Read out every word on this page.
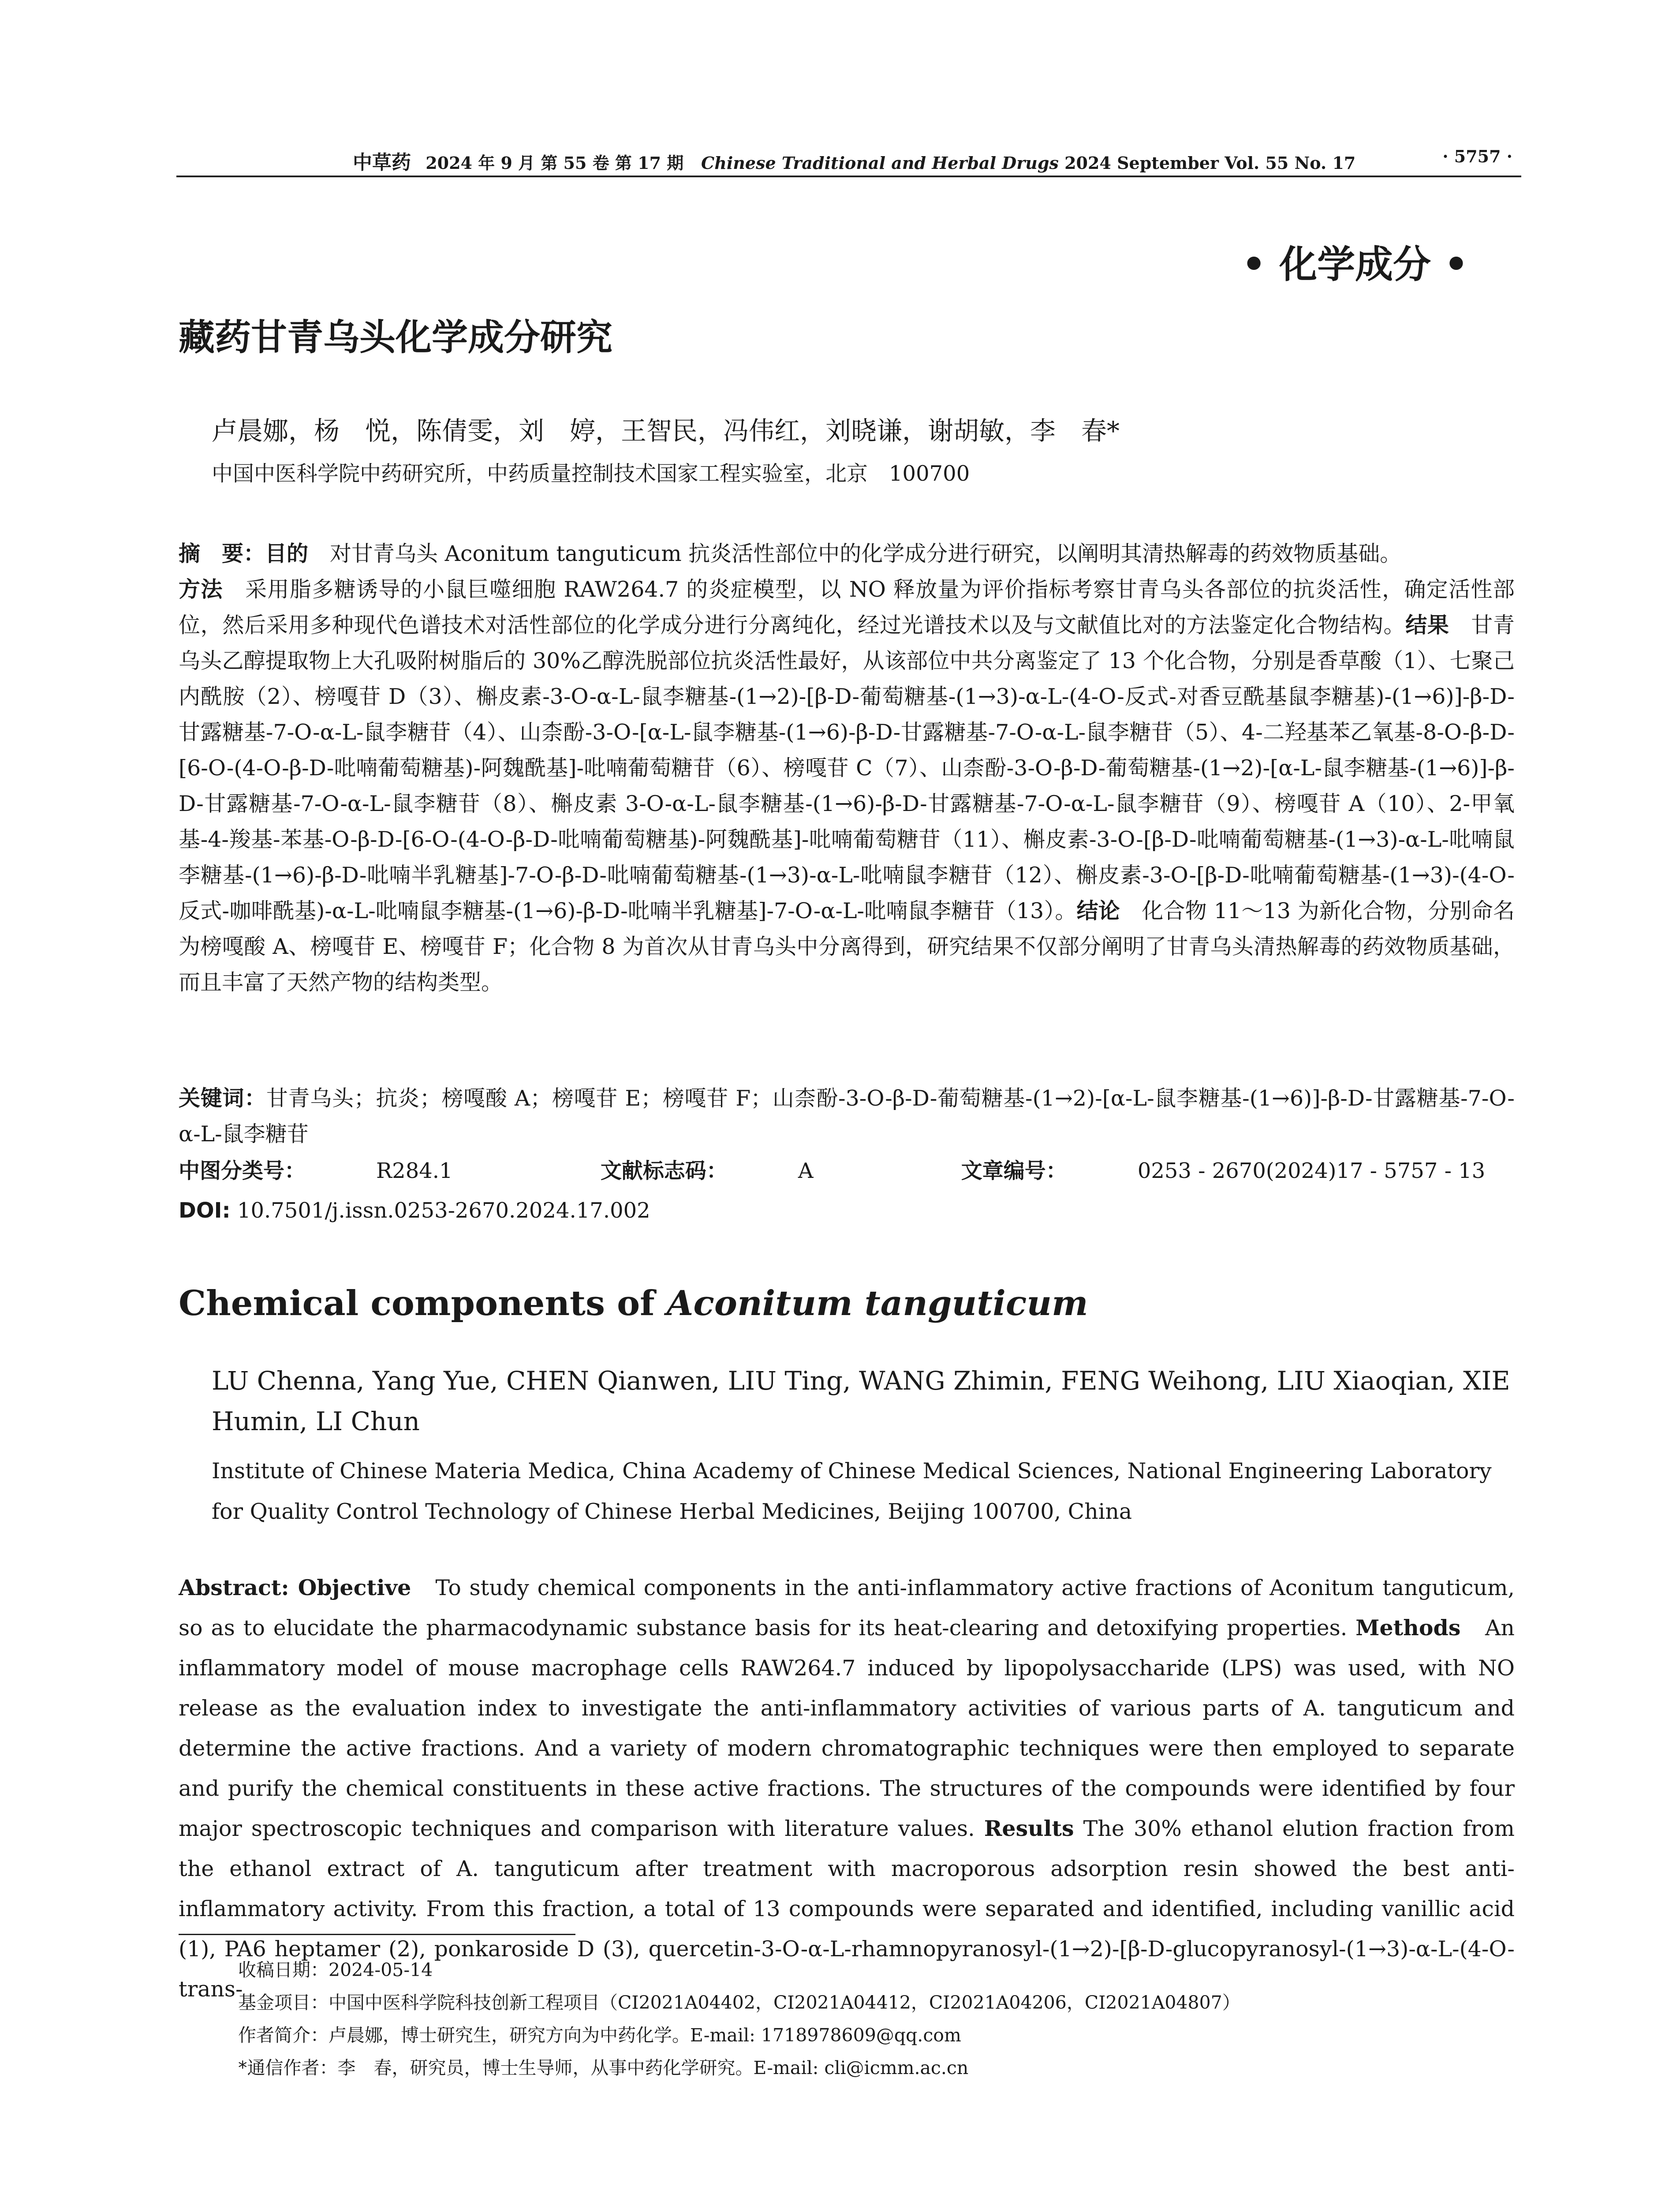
中草药 2024 年 9 月 第 55 卷 第 17 期 Chinese Traditional and Herbal Drugs 2024 September Vol. 55 No. 17	· 5757 ·
• 化学成分 •
藏药甘青乌头化学成分研究
卢晨娜，杨　悦，陈倩雯，刘　婷，王智民，冯伟红，刘晓谦，谢胡敏，李　春*
中国中医科学院中药研究所，中药质量控制技术国家工程实验室，北京　100700
摘　要：目的　对甘青乌头 Aconitum tanguticum 抗炎活性部位中的化学成分进行研究，以阐明其清热解毒的药效物质基础。
方法　采用脂多糖诱导的小鼠巨噬细胞 RAW264.7 的炎症模型，以 NO 释放量为评价指标考察甘青乌头各部位的抗炎活性，确定活性部位，然后采用多种现代色谱技术对活性部位的化学成分进行分离纯化，经过光谱技术以及与文献值比对的方法鉴定化合物结构。结果　甘青乌头乙醇提取物上大孔吸附树脂后的 30%乙醇洗脱部位抗炎活性最好，从该部位中共分离鉴定了 13 个化合物，分别是香草酸（1）、七聚己内酰胺（2）、榜嘎苷 D（3）、槲皮素-3-O-α-L-鼠李糖基-(1→2)-[β-D-葡萄糖基-(1→3)-α-L-(4-O-反式-对香豆酰基鼠李糖基)-(1→6)]-β-D-甘露糖基-7-O-α-L-鼠李糖苷（4）、山柰酚-3-O-[α-L-鼠李糖基-(1→6)-β-D-甘露糖基-7-O-α-L-鼠李糖苷（5）、4-二羟基苯乙氧基-8-O-β-D-[6-O-(4-O-β-D-吡喃葡萄糖基)-阿魏酰基]-吡喃葡萄糖苷（6）、榜嘎苷 C（7）、山柰酚-3-O-β-D-葡萄糖基-(1→2)-[α-L-鼠李糖基-(1→6)]-β-D-甘露糖基-7-O-α-L-鼠李糖苷（8）、槲皮素 3-O-α-L-鼠李糖基-(1→6)-β-D-甘露糖基-7-O-α-L-鼠李糖苷（9）、榜嘎苷 A（10）、2-甲氧基-4-羧基-苯基-O-β-D-[6-O-(4-O-β-D-吡喃葡萄糖基)-阿魏酰基]-吡喃葡萄糖苷（11）、槲皮素-3-O-[β-D-吡喃葡萄糖基-(1→3)-α-L-吡喃鼠李糖基-(1→6)-β-D-吡喃半乳糖基]-7-O-β-D-吡喃葡萄糖基-(1→3)-α-L-吡喃鼠李糖苷（12）、槲皮素-3-O-[β-D-吡喃葡萄糖基-(1→3)-(4-O-反式-咖啡酰基)-α-L-吡喃鼠李糖基-(1→6)-β-D-吡喃半乳糖基]-7-O-α-L-吡喃鼠李糖苷（13）。结论　化合物 11～13 为新化合物，分别命名为榜嘎酸 A、榜嘎苷 E、榜嘎苷 F；化合物 8 为首次从甘青乌头中分离得到，研究结果不仅部分阐明了甘青乌头清热解毒的药效物质基础，而且丰富了天然产物的结构类型。
关键词：甘青乌头；抗炎；榜嘎酸 A；榜嘎苷 E；榜嘎苷 F；山柰酚-3-O-β-D-葡萄糖基-(1→2)-[α-L-鼠李糖基-(1→6)]-β-D-甘露糖基-7-O-α-L-鼠李糖苷
中图分类号：	R284.1	文献标志码：	A	文章编号：	0253 - 2670(2024)17 - 5757 - 13
DOI: 10.7501/j.issn.0253-2670.2024.17.002
Chemical components of Aconitum tanguticum
LU Chenna, Yang Yue, CHEN Qianwen, LIU Ting, WANG Zhimin, FENG Weihong, LIU Xiaoqian, XIE Humin, LI Chun
Institute of Chinese Materia Medica, China Academy of Chinese Medical Sciences, National Engineering Laboratory for Quality Control Technology of Chinese Herbal Medicines, Beijing 100700, China
Abstract: Objective　To study chemical components in the anti-inflammatory active fractions of Aconitum tanguticum, so as to elucidate the pharmacodynamic substance basis for its heat-clearing and detoxifying properties. Methods　An inflammatory model of mouse macrophage cells RAW264.7 induced by lipopolysaccharide (LPS) was used, with NO release as the evaluation index to investigate the anti-inflammatory activities of various parts of A. tanguticum and determine the active fractions. And a variety of modern chromatographic techniques were then employed to separate and purify the chemical constituents in these active fractions. The structures of the compounds were identified by four major spectroscopic techniques and comparison with literature values. Results The 30% ethanol elution fraction from the ethanol extract of A. tanguticum after treatment with macroporous adsorption resin showed the best anti-inflammatory activity. From this fraction, a total of 13 compounds were separated and identified, including vanillic acid (1), PA6 heptamer (2), ponkaroside D (3), quercetin-3-O-α-L-rhamnopyranosyl-(1→2)-[β-D-glucopyranosyl-(1→3)-α-L-(4-O-trans-
收稿日期：2024-05-14
基金项目：中国中医科学院科技创新工程项目（CI2021A04402，CI2021A04412，CI2021A04206，CI2021A04807）
作者简介：卢晨娜，博士研究生，研究方向为中药化学。E-mail: 1718978609@qq.com
*通信作者：李　春，研究员，博士生导师，从事中药化学研究。E-mail: cli@icmm.ac.cn
